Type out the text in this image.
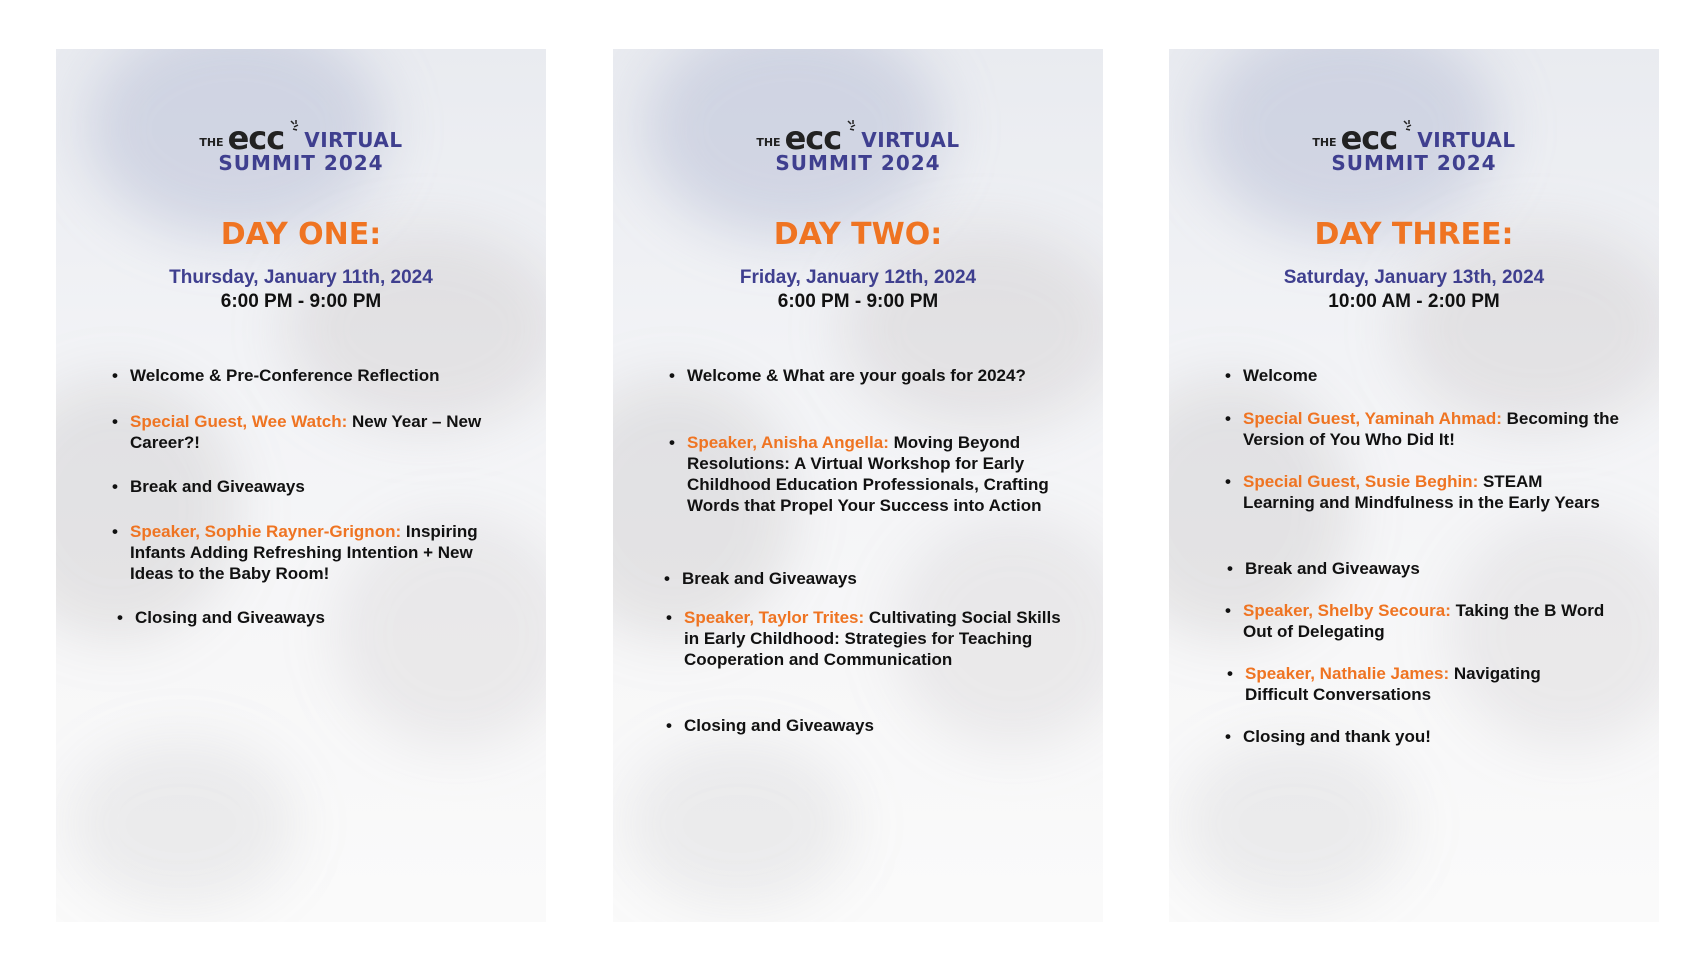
THE ecc VIRTUAL
SUMMIT 2024
DAY ONE:
Thursday, January 11th, 2024
6:00 PM - 9:00 PM
• Welcome & Pre-Conference Reflection
• Special Guest, Wee Watch: New Year – New Career?!
• Break and Giveaways
• Speaker, Sophie Rayner-Grignon: Inspiring Infants Adding Refreshing Intention + New Ideas to the Baby Room!
• Closing and Giveaways
THE ecc VIRTUAL
SUMMIT 2024
DAY TWO:
Friday, January 12th, 2024
6:00 PM - 9:00 PM
• Welcome & What are your goals for 2024?
• Speaker, Anisha Angella: Moving Beyond Resolutions: A Virtual Workshop for Early Childhood Education Professionals, Crafting Words that Propel Your Success into Action
• Break and Giveaways
• Speaker, Taylor Trites: Cultivating Social Skills in Early Childhood: Strategies for Teaching Cooperation and Communication
• Closing and Giveaways
THE ecc VIRTUAL
SUMMIT 2024
DAY THREE:
Saturday, January 13th, 2024
10:00 AM - 2:00 PM
• Welcome
• Special Guest, Yaminah Ahmad: Becoming the Version of You Who Did It!
• Special Guest, Susie Beghin: STEAM Learning and Mindfulness in the Early Years
• Break and Giveaways
• Speaker, Shelby Secoura: Taking the B Word Out of Delegating
• Speaker, Nathalie James: Navigating Difficult Conversations
• Closing and thank you!
